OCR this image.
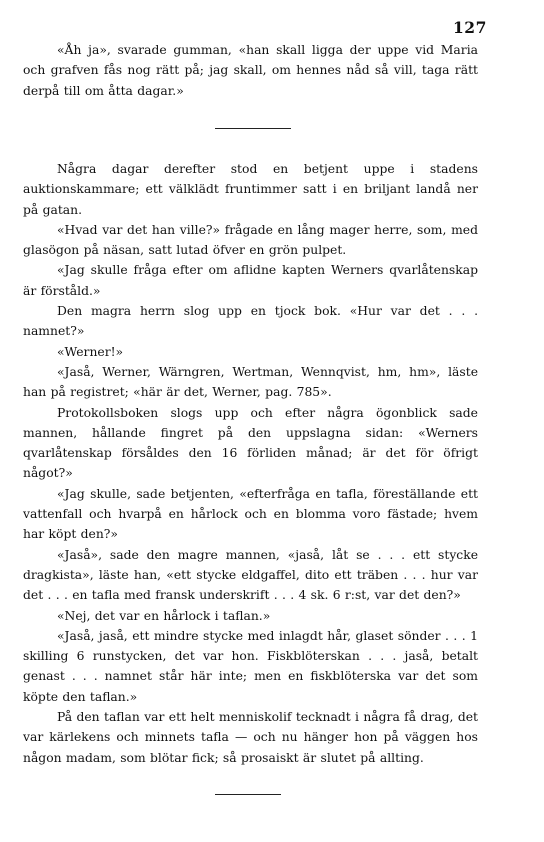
127

«Åh ja», svarade gumman, «han skall ligga der uppe vid Maria och grafven fås nog rätt på; jag skall, om hennes nåd så vill, taga rätt derpå till om åtta dagar.»

Några dagar derefter stod en betjent uppe i stadens auktionskammare; ett välklädt fruntimmer satt i en briljant landå ner på gatan.

«Hvad var det han ville?» frågade en lång mager herre, som, med glasögon på näsan, satt lutad öfver en grön pulpet.

«Jag skulle fråga efter om aflidne kapten Werners qvarlåtenskap är förståld.»

Den magra herrn slog upp en tjock bok. «Hur var det . . . namnet?»

«Werner!»

«Jaså, Werner, Wärngren, Wertman, Wennqvist, hm, hm», läste han på registret; «här är det, Werner, pag. 785».

Protokollsboken slogs upp och efter några ögonblick sade mannen, hållande fingret på den uppslagna sidan: «Werners qvarlåtenskap försåldes den 16 förliden månad; är det för öfrigt något?»

«Jag skulle, sade betjenten, «efterfråga en tafla, föreställande ett vattenfall och hvarpå en hårlock och en blomma voro fästade; hvem har köpt den?»

«Jaså», sade den magre mannen, «jaså, låt se . . . ett stycke dragkista», läste han, «ett stycke eldgaffel, dito ett träben . . . hur var det . . . en tafla med fransk underskrift . . . 4 sk. 6 r:st, var det den?»

«Nej, det var en hårlock i taflan.»

«Jaså, jaså, ett mindre stycke med inlagdt hår, glaset sönder . . . 1 skilling 6 runstycken, det var hon. Fiskblöterskan . . . jaså, betalt genast . . . namnet står här inte; men en fiskblöterska var det som köpte den taflan.»

På den taflan var ett helt menniskolif tecknadt i några få drag, det var kärlekens och minnets tafla — och nu hänger hon på väggen hos någon madam, som blötar fick; så prosaiskt är slutet på allting.
